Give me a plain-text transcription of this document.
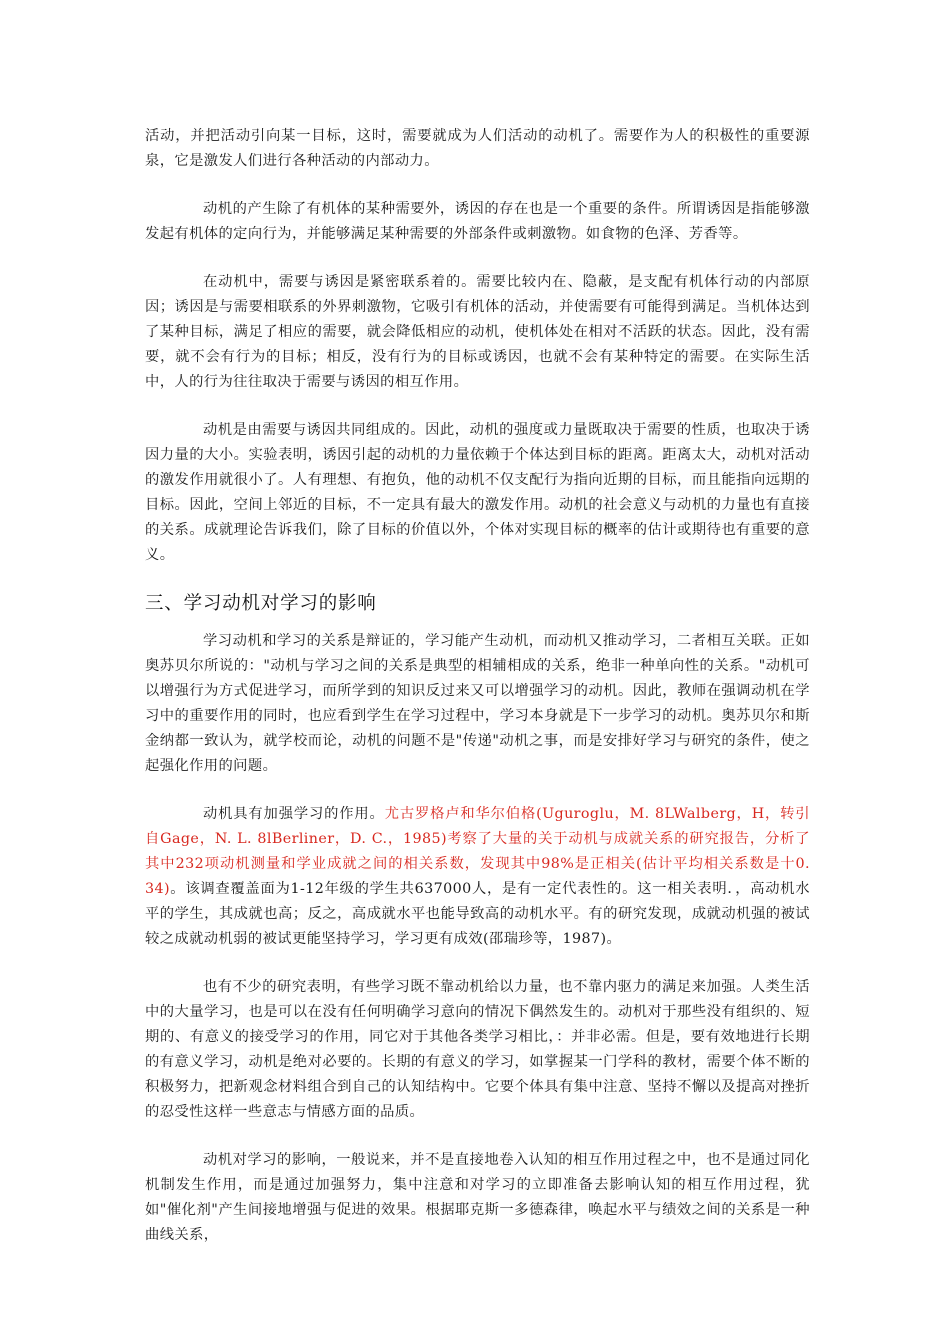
活动，并把活动引向某一目标，这时，需要就成为人们活动的动机了。需要作为人的积极性的重要源泉，它是激发人们进行各种活动的内部动力。

动机的产生除了有机体的某种需要外，诱因的存在也是一个重要的条件。所谓诱因是指能够激发起有机体的定向行为，并能够满足某种需要的外部条件或刺激物。如食物的色泽、芳香等。

在动机中，需要与诱因是紧密联系着的。需要比较内在、隐蔽，是支配有机体行动的内部原因；诱因是与需要相联系的外界刺激物，它吸引有机体的活动，并使需要有可能得到满足。当机体达到了某种目标，满足了相应的需要，就会降低相应的动机，使机体处在相对不活跃的状态。因此，没有需要，就不会有行为的目标；相反，没有行为的目标或诱因，也就不会有某种特定的需要。在实际生活中，人的行为往往取决于需要与诱因的相互作用。

动机是由需要与诱因共同组成的。因此，动机的强度或力量既取决于需要的性质，也取决于诱因力量的大小。实验表明，诱因引起的动机的力量依赖于个体达到目标的距离。距离太大，动机对活动的激发作用就很小了。人有理想、有抱负，他的动机不仅支配行为指向近期的目标，而且能指向远期的目标。因此，空间上邻近的目标，不一定具有最大的激发作用。动机的社会意义与动机的力量也有直接的关系。成就理论告诉我们，除了目标的价值以外，个体对实现目标的概率的估计或期待也有重要的意义。

三、学习动机对学习的影响

学习动机和学习的关系是辩证的，学习能产生动机，而动机又推动学习，二者相互关联。正如奥苏贝尔所说的："动机与学习之间的关系是典型的相辅相成的关系，绝非一种单向性的关系。"动机可以增强行为方式促进学习，而所学到的知识反过来又可以增强学习的动机。因此，教师在强调动机在学习中的重要作用的同时，也应看到学生在学习过程中，学习本身就是下一步学习的动机。奥苏贝尔和斯金纳都一致认为，就学校而论，动机的问题不是"传递"动机之事，而是安排好学习与研究的条件，使之起强化作用的问题。

动机具有加强学习的作用。尤古罗格卢和华尔伯格(Uguroglu，M. 8LWalberg，H，转引自Gage，N. L. 8lBerliner，D. C.，1985)考察了大量的关于动机与成就关系的研究报告，分析了其中232项动机测量和学业成就之间的相关系数，发现其中98%是正相关(估计平均相关系数是十0. 34)。该调查覆盖面为1-12年级的学生共637000人，是有一定代表性的。这一相关表明．，高动机水平的学生，其成就也高；反之，高成就水平也能导致高的动机水平。有的研究发现，成就动机强的被试较之成就动机弱的被试更能坚持学习，学习更有成效(邵瑞珍等，1987)。

也有不少的研究表明，有些学习既不靠动机给以力量，也不靠内驱力的满足来加强。人类生活中的大量学习，也是可以在没有任何明确学习意向的情况下偶然发生的。动机对于那些没有组织的、短期的、有意义的接受学习的作用，同它对于其他各类学习相比，：并非必需。但是，要有效地进行长期的有意义学习，动机是绝对必要的。长期的有意义的学习，如掌握某一门学科的教材，需要个体不断的积极努力，把新观念材料组合到自己的认知结构中。它要个体具有集中注意、坚持不懈以及提高对挫折的忍受性这样一些意志与情感方面的品质。

动机对学习的影响，一般说来，并不是直接地卷入认知的相互作用过程之中，也不是通过同化机制发生作用，而是通过加强努力，集中注意和对学习的立即准备去影响认知的相互作用过程，犹如"催化剂"产生间接地增强与促进的效果。根据耶克斯一多德森律，唤起水平与绩效之间的关系是一种曲线关系，
